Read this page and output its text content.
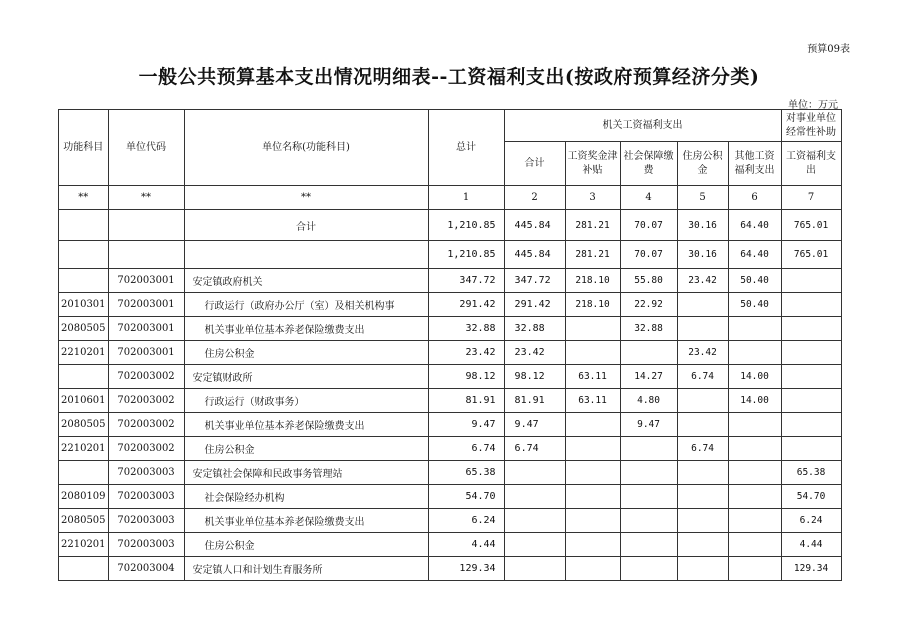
预算09表
一般公共预算基本支出情况明细表--工资福利支出(按政府预算经济分类)
单位：万元
功能科目	单位代码	单位名称(功能科目)	总计	机关工资福利支出					对事业单位经常性补助
				合计	工资奖金津补贴	社会保障缴费	住房公积金	其他工资福利支出	工资福利支出
**	**	**	1	2	3	4	5	6	7
		合计	1,210.85	445.84	281.21	70.07	30.16	64.40	765.01
			1,210.85	445.84	281.21	70.07	30.16	64.40	765.01
	702003001	安定镇政府机关	347.72	347.72	218.10	55.80	23.42	50.40	
2010301	702003001	行政运行（政府办公厅（室）及相关机构事	291.42	291.42	218.10	22.92		50.40	
2080505	702003001	机关事业单位基本养老保险缴费支出	32.88	32.88		32.88			
2210201	702003001	住房公积金	23.42	23.42			23.42		
	702003002	安定镇财政所	98.12	98.12	63.11	14.27	6.74	14.00	
2010601	702003002	行政运行（财政事务）	81.91	81.91	63.11	4.80		14.00	
2080505	702003002	机关事业单位基本养老保险缴费支出	9.47	9.47		9.47			
2210201	702003002	住房公积金	6.74	6.74			6.74		
	702003003	安定镇社会保障和民政事务管理站	65.38						65.38
2080109	702003003	社会保险经办机构	54.70						54.70
2080505	702003003	机关事业单位基本养老保险缴费支出	6.24						6.24
2210201	702003003	住房公积金	4.44						4.44
	702003004	安定镇人口和计划生育服务所	129.34						129.34
